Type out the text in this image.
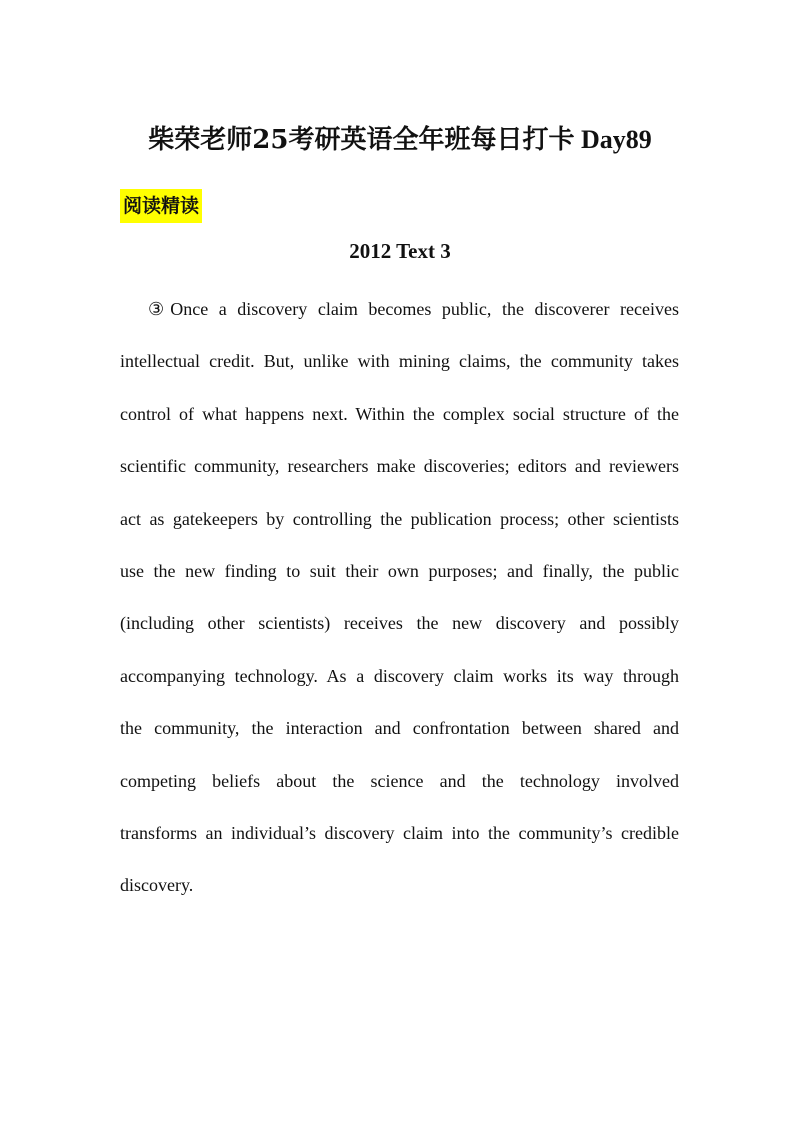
柴荣老师25考研英语全年班每日打卡 Day89
阅读精读
2012 Text 3
③Once a discovery claim becomes public, the discoverer receives
intellectual credit. But, unlike with mining claims, the community takes
control of what happens next. Within the complex social structure of the
scientific community, researchers make discoveries; editors and reviewers
act as gatekeepers by controlling the publication process; other scientists
use the new finding to suit their own purposes; and finally, the public
(including other scientists) receives the new discovery and possibly
accompanying technology. As a discovery claim works its way through
the community, the interaction and confrontation between shared and
competing beliefs about the science and the technology involved
transforms an individual’s discovery claim into the community’s credible
discovery.
